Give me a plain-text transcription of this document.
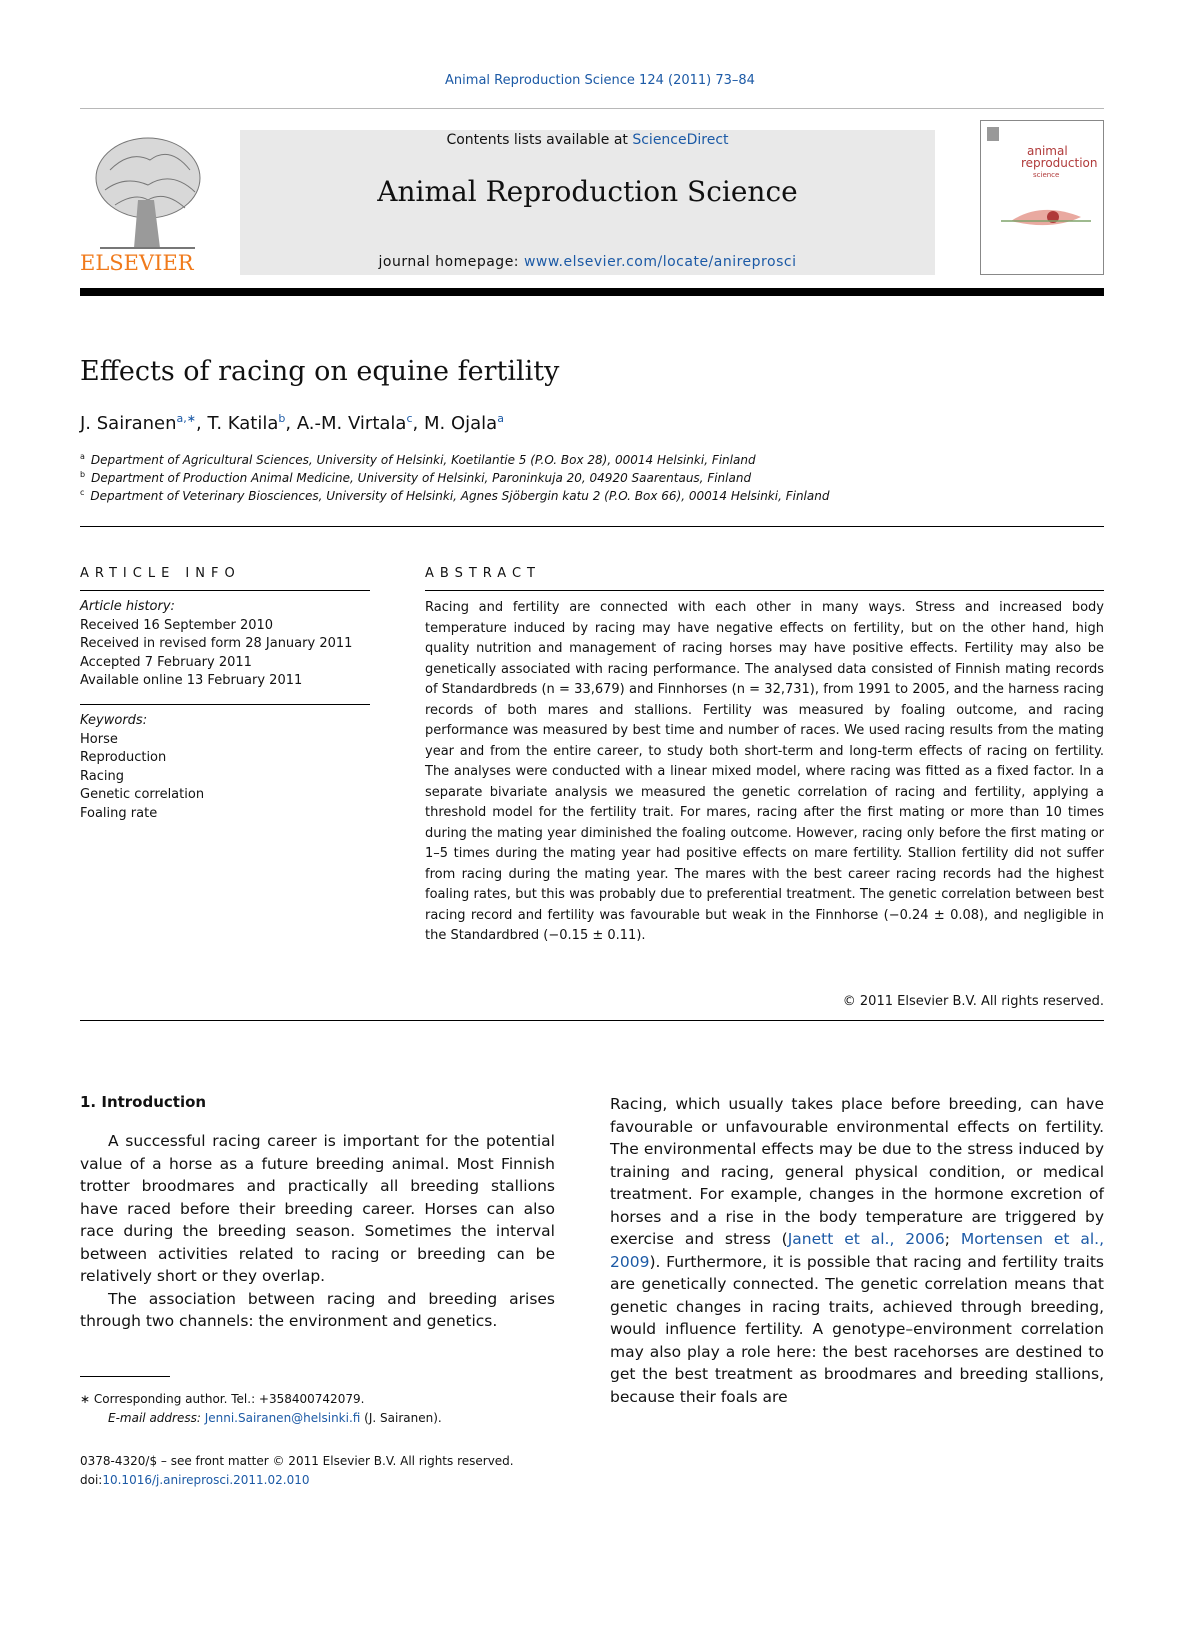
Animal Reproduction Science 124 (2011) 73–84
ELSEVIER
Contents lists available at ScienceDirect
Animal Reproduction Science
journal homepage: www.elsevier.com/locate/anireprosci
animal
reproduction
science
Effects of racing on equine fertility
J. Sairanen$^{a,∗}$, T. Katila$^b$, A.-M. Virtala$^c$, M. Ojala$^a$
$^a$ Department of Agricultural Sciences, University of Helsinki, Koetilantie 5 (P.O. Box 28), 00014 Helsinki, Finland
$^b$ Department of Production Animal Medicine, University of Helsinki, Paroninkuja 20, 04920 Saarentaus, Finland
$^c$ Department of Veterinary Biosciences, University of Helsinki, Agnes Sjöbergin katu 2 (P.O. Box 66), 00014 Helsinki, Finland
ARTICLE INFO
Article history:
Received 16 September 2010
Received in revised form 28 January 2011
Accepted 7 February 2011
Available online 13 February 2011
Keywords:
Horse
Reproduction
Racing
Genetic correlation
Foaling rate
ABSTRACT
Racing and fertility are connected with each other in many ways. Stress and increased body temperature induced by racing may have negative effects on fertility, but on the other hand, high quality nutrition and management of racing horses may have positive effects. Fertility may also be genetically associated with racing performance. The analysed data consisted of Finnish mating records of Standardbreds (n = 33,679) and Finnhorses (n = 32,731), from 1991 to 2005, and the harness racing records of both mares and stallions. Fertility was measured by foaling outcome, and racing performance was measured by best time and number of races. We used racing results from the mating year and from the entire career, to study both short-term and long-term effects of racing on fertility. The analyses were conducted with a linear mixed model, where racing was fitted as a fixed factor. In a separate bivariate analysis we measured the genetic correlation of racing and fertility, applying a threshold model for the fertility trait. For mares, racing after the first mating or more than 10 times during the mating year diminished the foaling outcome. However, racing only before the first mating or 1–5 times during the mating year had positive effects on mare fertility. Stallion fertility did not suffer from racing during the mating year. The mares with the best career racing records had the highest foaling rates, but this was probably due to preferential treatment. The genetic correlation between best racing record and fertility was favourable but weak in the Finnhorse (−0.24 ± 0.08), and negligible in the Standardbred (−0.15 ± 0.11).
© 2011 Elsevier B.V. All rights reserved.
1. Introduction

A successful racing career is important for the potential value of a horse as a future breeding animal. Most Finnish trotter broodmares and practically all breeding stallions have raced before their breeding career. Horses can also race during the breeding season. Sometimes the interval between activities related to racing or breeding can be relatively short or they overlap.

The association between racing and breeding arises through two channels: the environment and genetics.

Racing, which usually takes place before breeding, can have favourable or unfavourable environmental effects on fertility. The environmental effects may be due to the stress induced by training and racing, general physical condition, or medical treatment. For example, changes in the hormone excretion of horses and a rise in the body temperature are triggered by exercise and stress (Janett et al., 2006; Mortensen et al., 2009). Furthermore, it is possible that racing and fertility traits are genetically connected. The genetic correlation means that genetic changes in racing traits, achieved through breeding, would influence fertility. A genotype–environment correlation may also play a role here: the best racehorses are destined to get the best treatment as broodmares and breeding stallions, because their foals are
∗ Corresponding author. Tel.: +358400742079.
E-mail address: Jenni.Sairanen@helsinki.fi (J. Sairanen).
0378-4320/$ – see front matter © 2011 Elsevier B.V. All rights reserved.
doi:10.1016/j.anireprosci.2011.02.010
